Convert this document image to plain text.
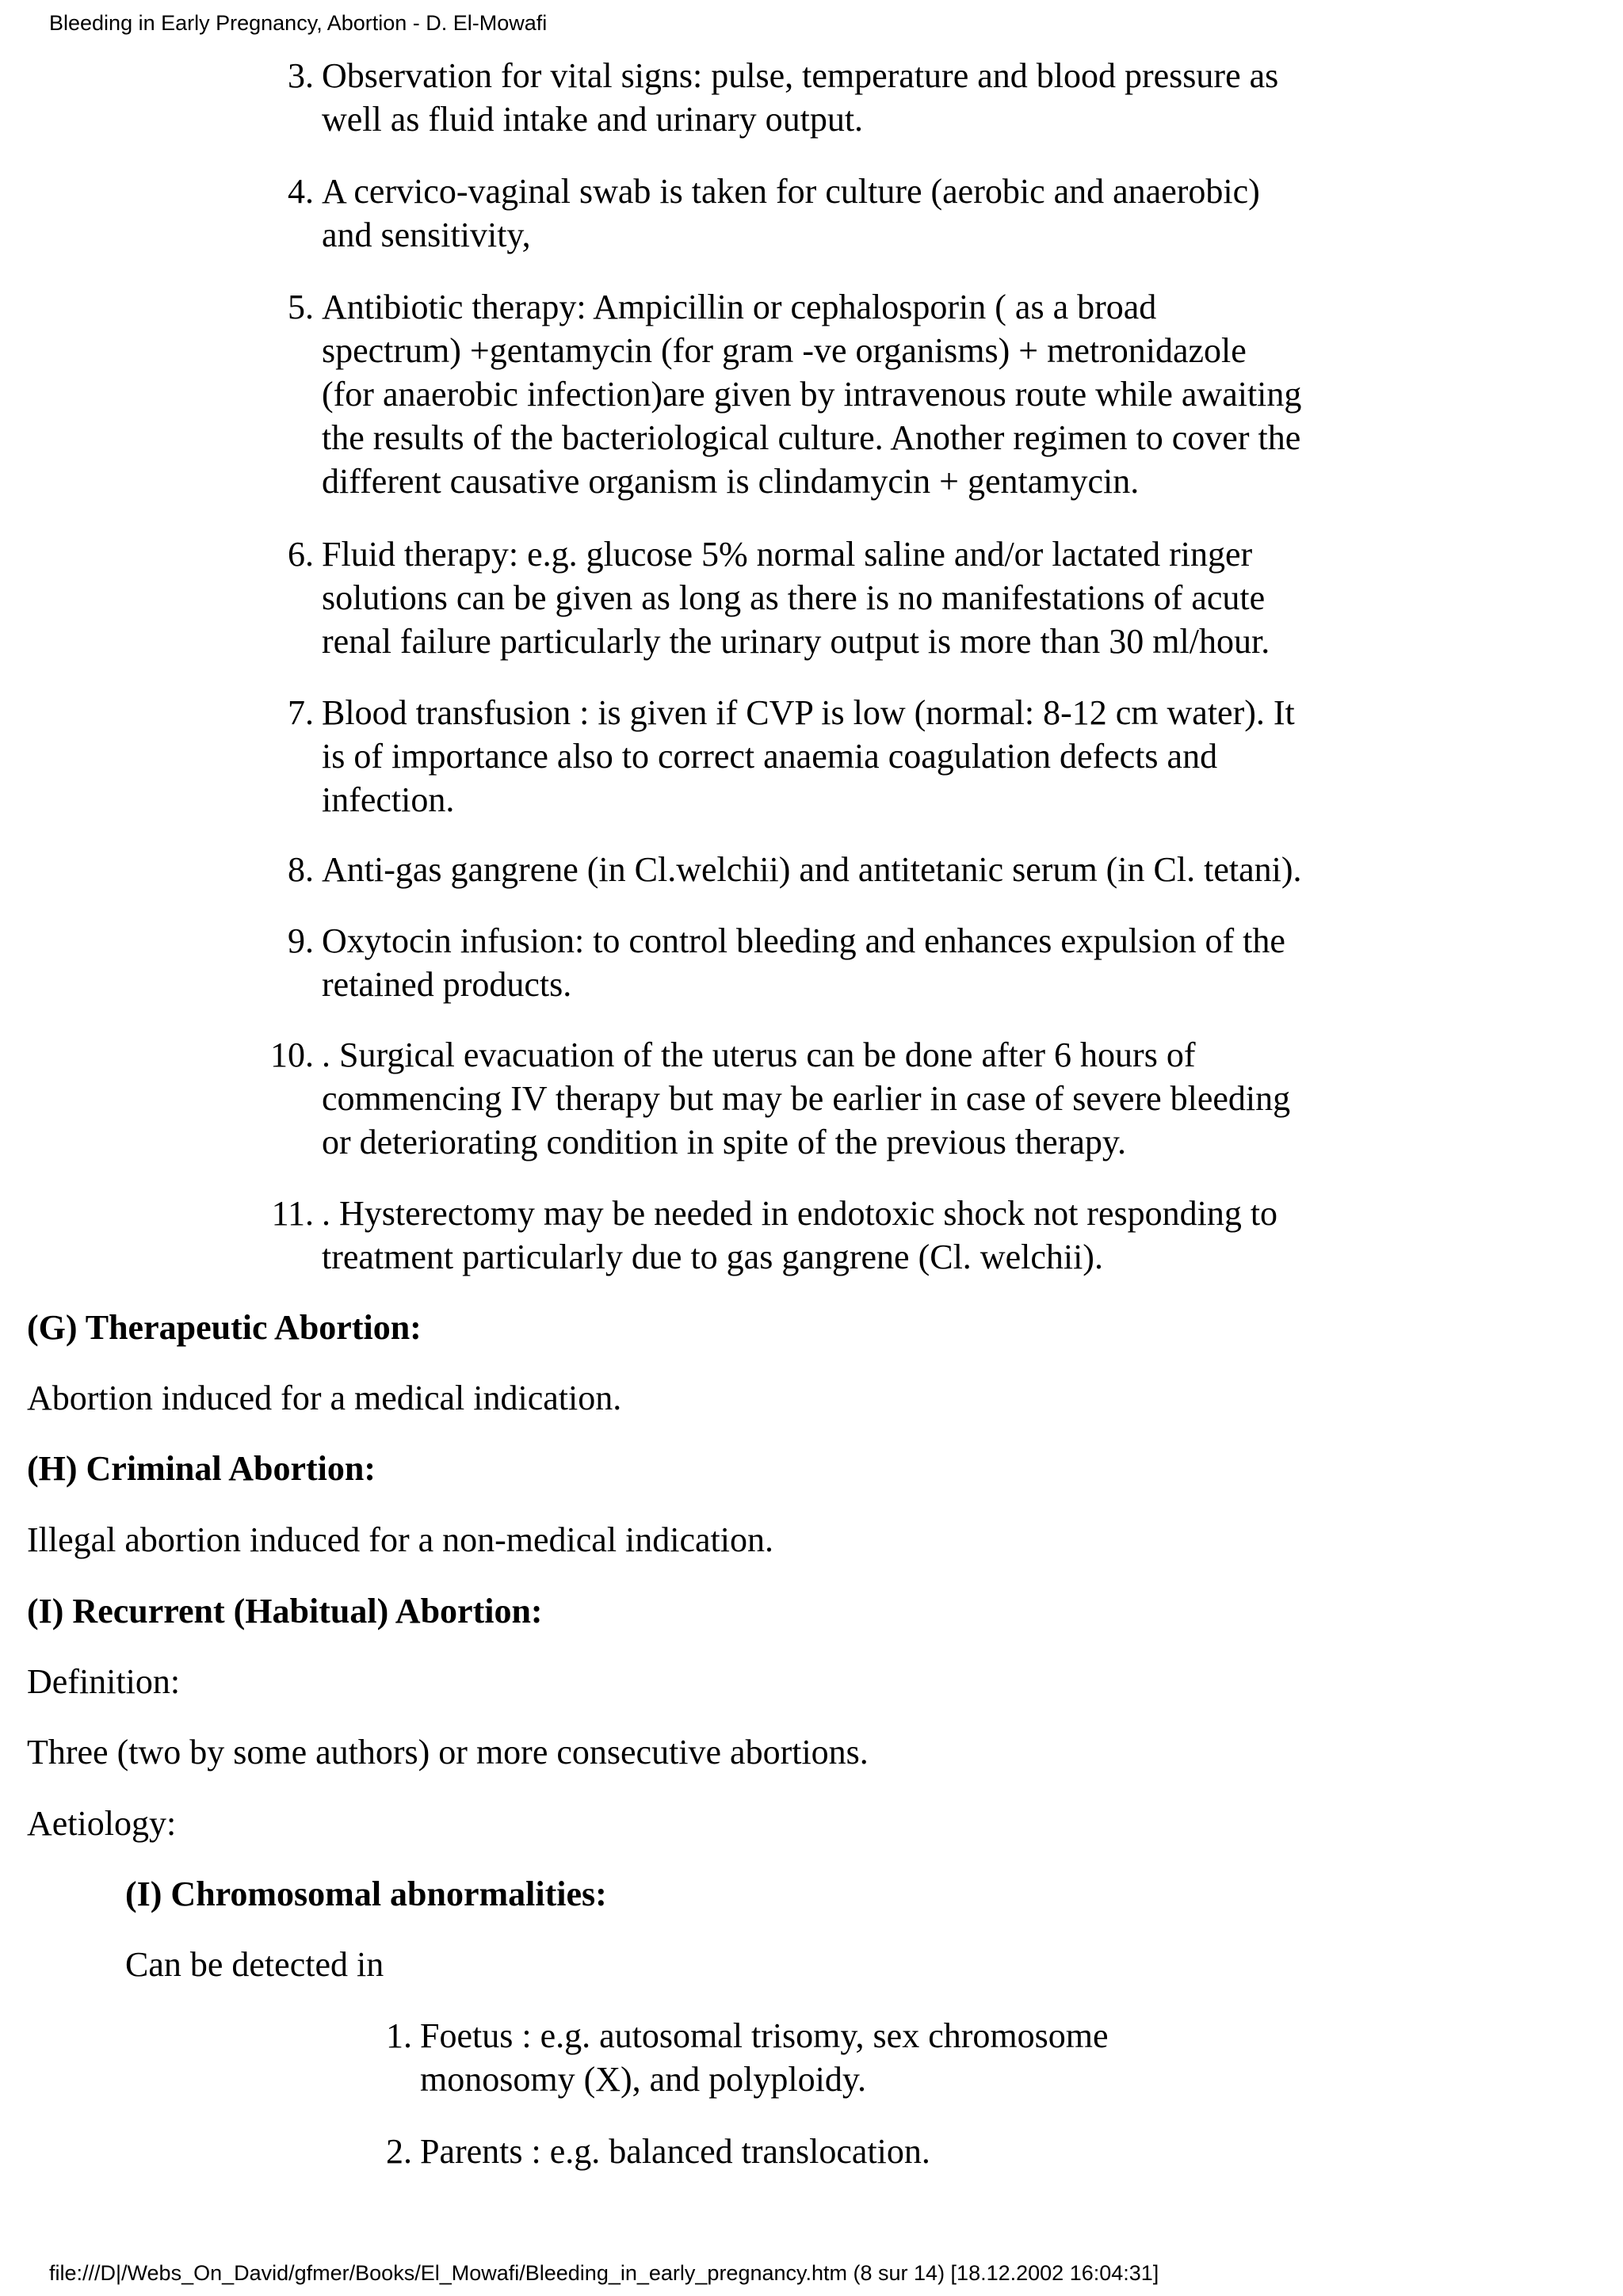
Bleeding in Early Pregnancy, Abortion - D. El-Mowafi
3. Observation for vital signs: pulse, temperature and blood pressure as
well as fluid intake and urinary output.
4. A cervico-vaginal swab is taken for culture (aerobic and anaerobic)
and sensitivity,
5. Antibiotic therapy: Ampicillin or cephalosporin ( as a broad
spectrum) +gentamycin (for gram -ve organisms) + metronidazole
(for anaerobic infection)are given by intravenous route while awaiting
the results of the bacteriological culture. Another regimen to cover the
different causative organism is clindamycin + gentamycin.
6. Fluid therapy: e.g. glucose 5% normal saline and/or lactated ringer
solutions can be given as long as there is no manifestations of acute
renal failure particularly the urinary output is more than 30 ml/hour.
7. Blood transfusion : is given if CVP is low (normal: 8-12 cm water). It
is of importance also to correct anaemia coagulation defects and
infection.
8. Anti-gas gangrene (in Cl.welchii) and antitetanic serum (in Cl. tetani).
9. Oxytocin infusion: to control bleeding and enhances expulsion of the
retained products.
10. . Surgical evacuation of the uterus can be done after 6 hours of
commencing IV therapy but may be earlier in case of severe bleeding
or deteriorating condition in spite of the previous therapy.
11. . Hysterectomy may be needed in endotoxic shock not responding to
treatment particularly due to gas gangrene (Cl. welchii).
(G) Therapeutic Abortion:
Abortion induced for a medical indication.
(H) Criminal Abortion:
Illegal abortion induced for a non-medical indication.
(I) Recurrent (Habitual) Abortion:
Definition:
Three (two by some authors) or more consecutive abortions.
Aetiology:
(I) Chromosomal abnormalities:
Can be detected in
1. Foetus : e.g. autosomal trisomy, sex chromosome
monosomy (X), and polyploidy.
2. Parents : e.g. balanced translocation.
file:///D|/Webs_On_David/gfmer/Books/El_Mowafi/Bleeding_in_early_pregnancy.htm (8 sur 14) [18.12.2002 16:04:31]
